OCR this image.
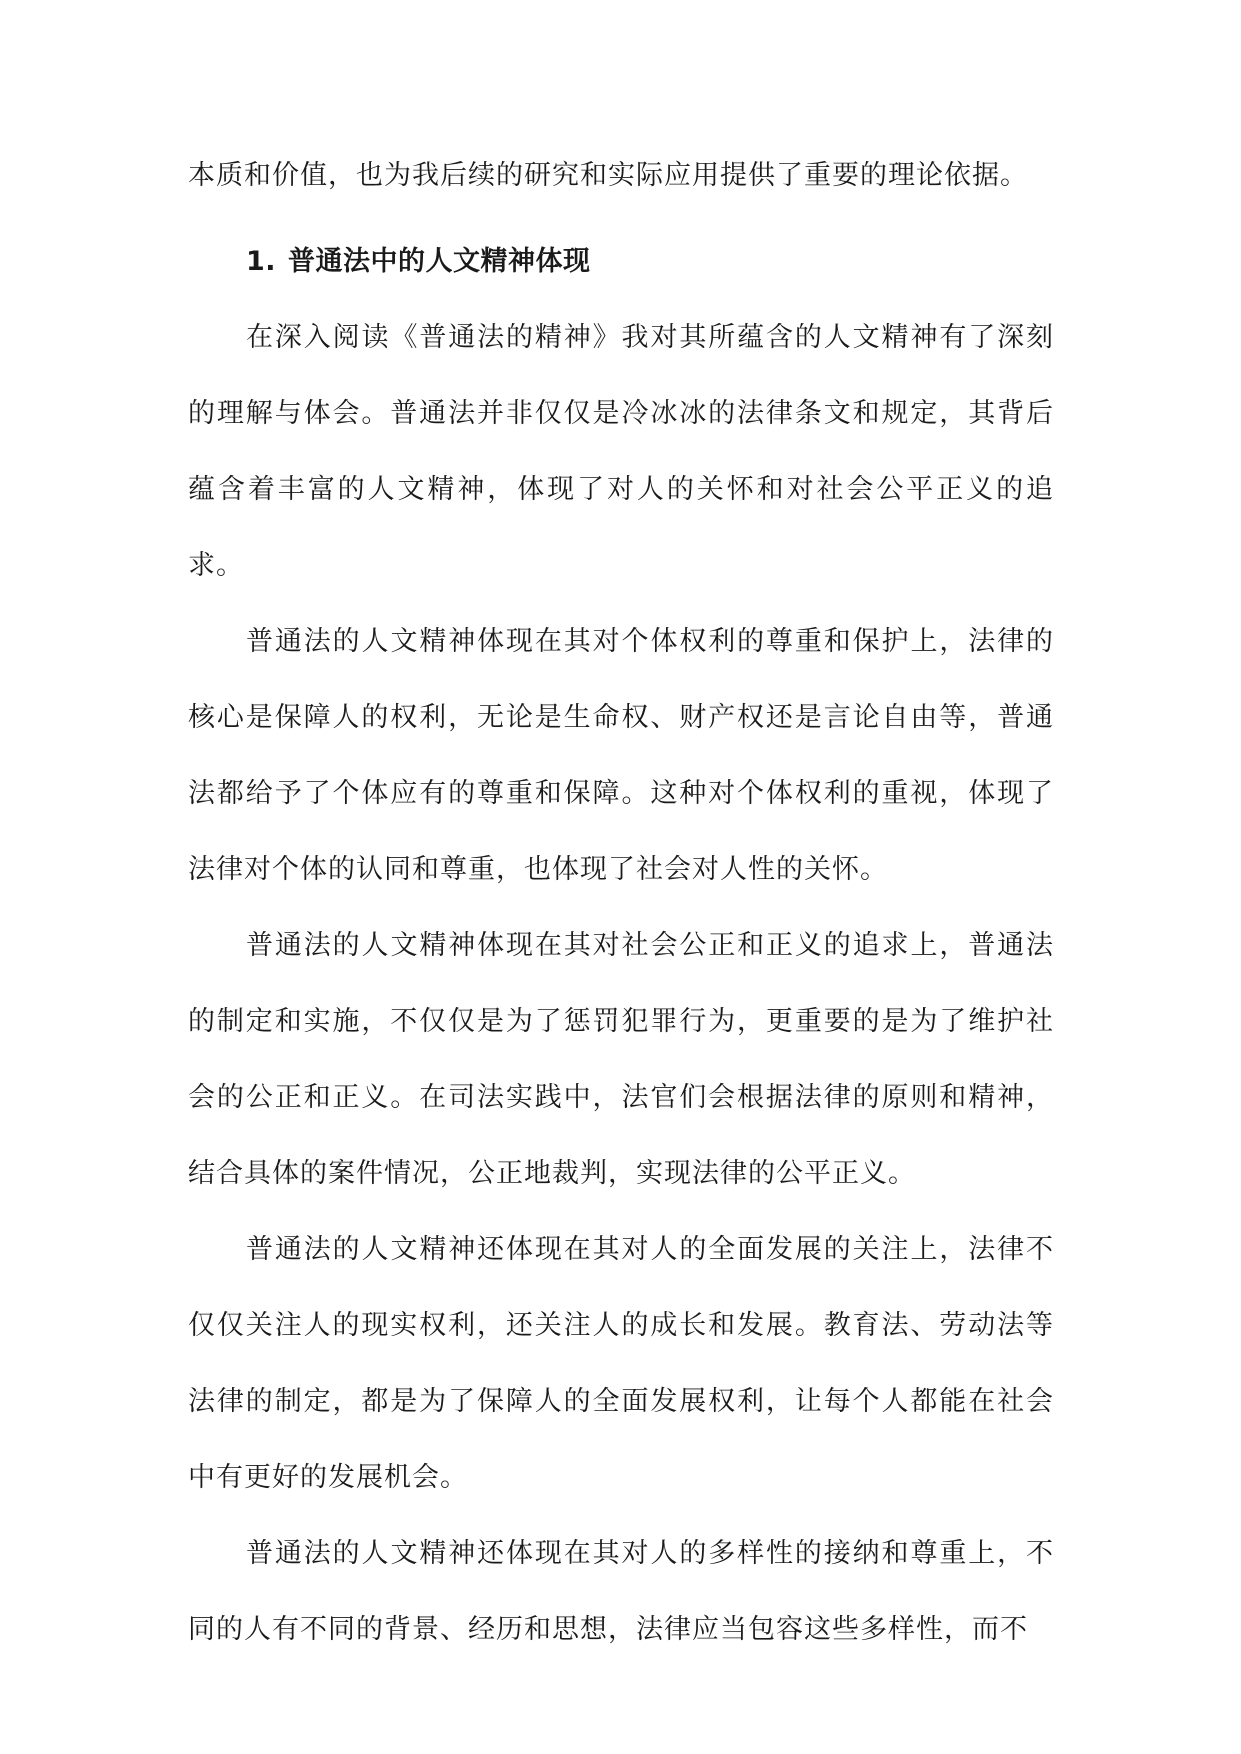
本质和价值，也为我后续的研究和实际应用提供了重要的理论依据。

1. 普通法中的人文精神体现

在深入阅读《普通法的精神》我对其所蕴含的人文精神有了深刻的理解与体会。普通法并非仅仅是冷冰冰的法律条文和规定，其背后蕴含着丰富的人文精神，体现了对人的关怀和对社会公平正义的追求。

普通法的人文精神体现在其对个体权利的尊重和保护上，法律的核心是保障人的权利，无论是生命权、财产权还是言论自由等，普通法都给予了个体应有的尊重和保障。这种对个体权利的重视，体现了法律对个体的认同和尊重，也体现了社会对人性的关怀。

普通法的人文精神体现在其对社会公正和正义的追求上，普通法的制定和实施，不仅仅是为了惩罚犯罪行为，更重要的是为了维护社会的公正和正义。在司法实践中，法官们会根据法律的原则和精神，结合具体的案件情况，公正地裁判，实现法律的公平正义。

普通法的人文精神还体现在其对人的全面发展的关注上，法律不仅仅关注人的现实权利，还关注人的成长和发展。教育法、劳动法等法律的制定，都是为了保障人的全面发展权利，让每个人都能在社会中有更好的发展机会。

普通法的人文精神还体现在其对人的多样性的接纳和尊重上，不同的人有不同的背景、经历和思想，法律应当包容这些多样性，而不
